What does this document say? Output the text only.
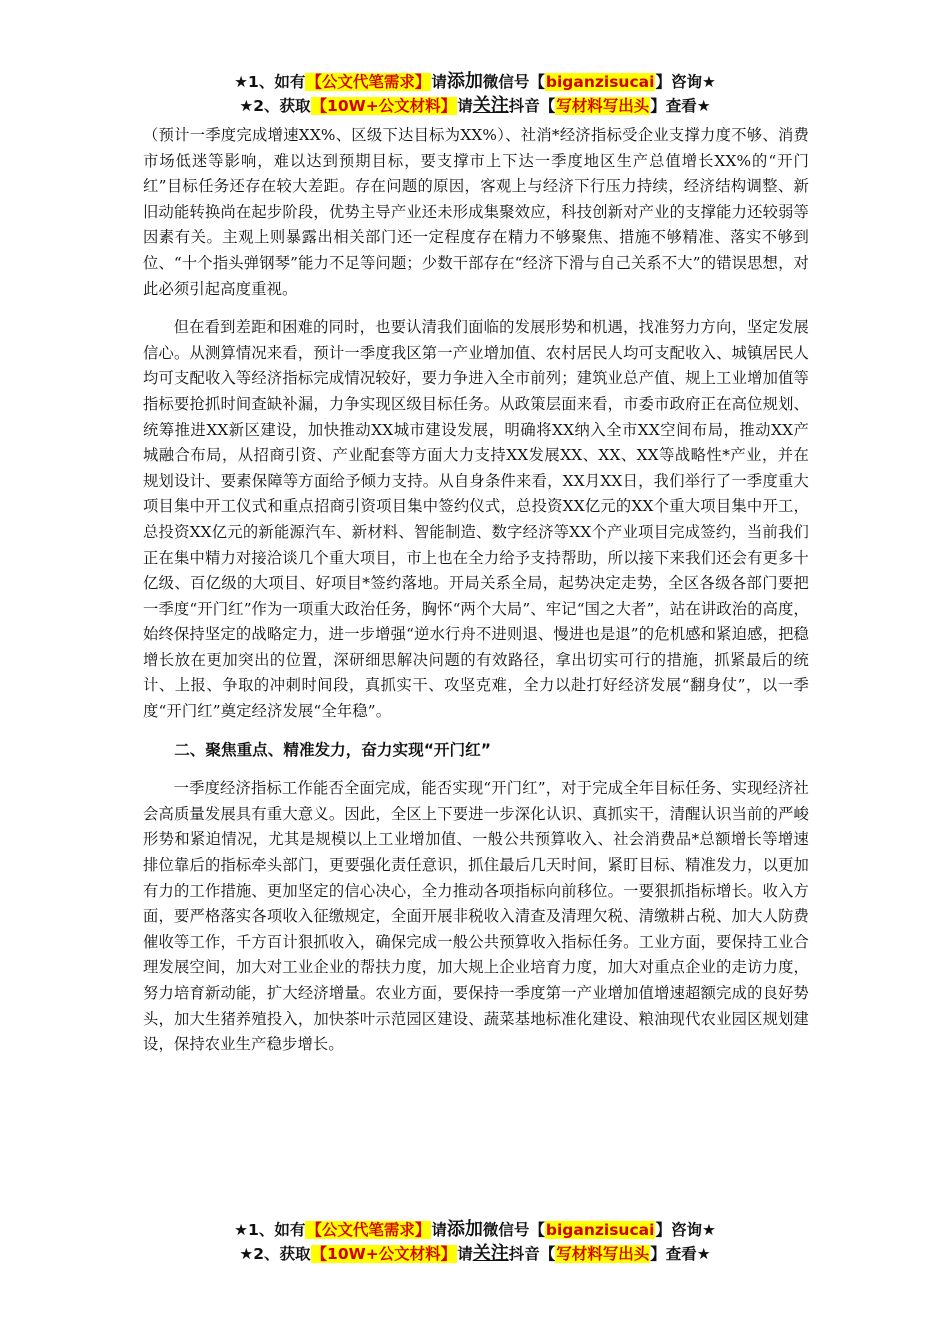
★1、如有【公文代笔需求】请添加微信号【biganzisucai】咨询★
★2、获取【10W+公文材料】请关注抖音【写材料写出头】查看★

（预计一季度完成增速XX%、区级下达目标为XX%）、社消*经济指标受企业支撑力度不够、消费市场低迷等影响，难以达到预期目标，要支撑市上下达一季度地区生产总值增长XX%的“开门红”目标任务还存在较大差距。存在问题的原因，客观上与经济下行压力持续，经济结构调整、新旧动能转换尚在起步阶段，优势主导产业还未形成集聚效应，科技创新对产业的支撑能力还较弱等因素有关。主观上则暴露出相关部门还一定程度存在精力不够聚焦、措施不够精准、落实不够到位、“十个指头弹钢琴”能力不足等问题；少数干部存在“经济下滑与自己关系不大”的错误思想，对此必须引起高度重视。

但在看到差距和困难的同时，也要认清我们面临的发展形势和机遇，找准努力方向，坚定发展信心。从测算情况来看，预计一季度我区第一产业增加值、农村居民人均可支配收入、城镇居民人均可支配收入等经济指标完成情况较好，要力争进入全市前列；建筑业总产值、规上工业增加值等指标要抢抓时间查缺补漏，力争实现区级目标任务。从政策层面来看，市委市政府正在高位规划、统筹推进XX新区建设，加快推动XX城市建设发展，明确将XX纳入全市XX空间布局，推动XX产城融合布局，从招商引资、产业配套等方面大力支持XX发展XX、XX、XX等战略性*产业，并在规划设计、要素保障等方面给予倾力支持。从自身条件来看，XX月XX日，我们举行了一季度重大项目集中开工仪式和重点招商引资项目集中签约仪式，总投资XX亿元的XX个重大项目集中开工，总投资XX亿元的新能源汽车、新材料、智能制造、数字经济等XX个产业项目完成签约，当前我们正在集中精力对接洽谈几个重大项目，市上也在全力给予支持帮助，所以接下来我们还会有更多十亿级、百亿级的大项目、好项目*签约落地。开局关系全局，起势决定走势，全区各级各部门要把一季度“开门红”作为一项重大政治任务，胸怀“两个大局”、牢记“国之大者”，站在讲政治的高度，始终保持坚定的战略定力，进一步增强“逆水行舟不进则退、慢进也是退”的危机感和紧迫感，把稳增长放在更加突出的位置，深研细思解决问题的有效路径，拿出切实可行的措施，抓紧最后的统计、上报、争取的冲刺时间段，真抓实干、攻坚克难，全力以赴打好经济发展“翻身仗”，以一季度“开门红”奠定经济发展“全年稳”。

二、聚焦重点、精准发力，奋力实现“开门红”

一季度经济指标工作能否全面完成，能否实现“开门红”，对于完成全年目标任务、实现经济社会高质量发展具有重大意义。因此，全区上下要进一步深化认识、真抓实干，清醒认识当前的严峻形势和紧迫情况，尤其是规模以上工业增加值、一般公共预算收入、社会消费品*总额增长等增速排位靠后的指标牵头部门，更要强化责任意识，抓住最后几天时间，紧盯目标、精准发力，以更加有力的工作措施、更加坚定的信心决心，全力推动各项指标向前移位。一要狠抓指标增长。收入方面，要严格落实各项收入征缴规定，全面开展非税收入清查及清理欠税、清缴耕占税、加大人防费催收等工作，千方百计狠抓收入，确保完成一般公共预算收入指标任务。工业方面，要保持工业合理发展空间，加大对工业企业的帮扶力度，加大规上企业培育力度，加大对重点企业的走访力度，努力培育新动能，扩大经济增量。农业方面，要保持一季度第一产业增加值增速超额完成的良好势头，加大生猪养殖投入，加快茶叶示范园区建设、蔬菜基地标准化建设、粮油现代农业园区规划建设，保持农业生产稳步增长。

★1、如有【公文代笔需求】请添加微信号【biganzisucai】咨询★
★2、获取【10W+公文材料】请关注抖音【写材料写出头】查看★
